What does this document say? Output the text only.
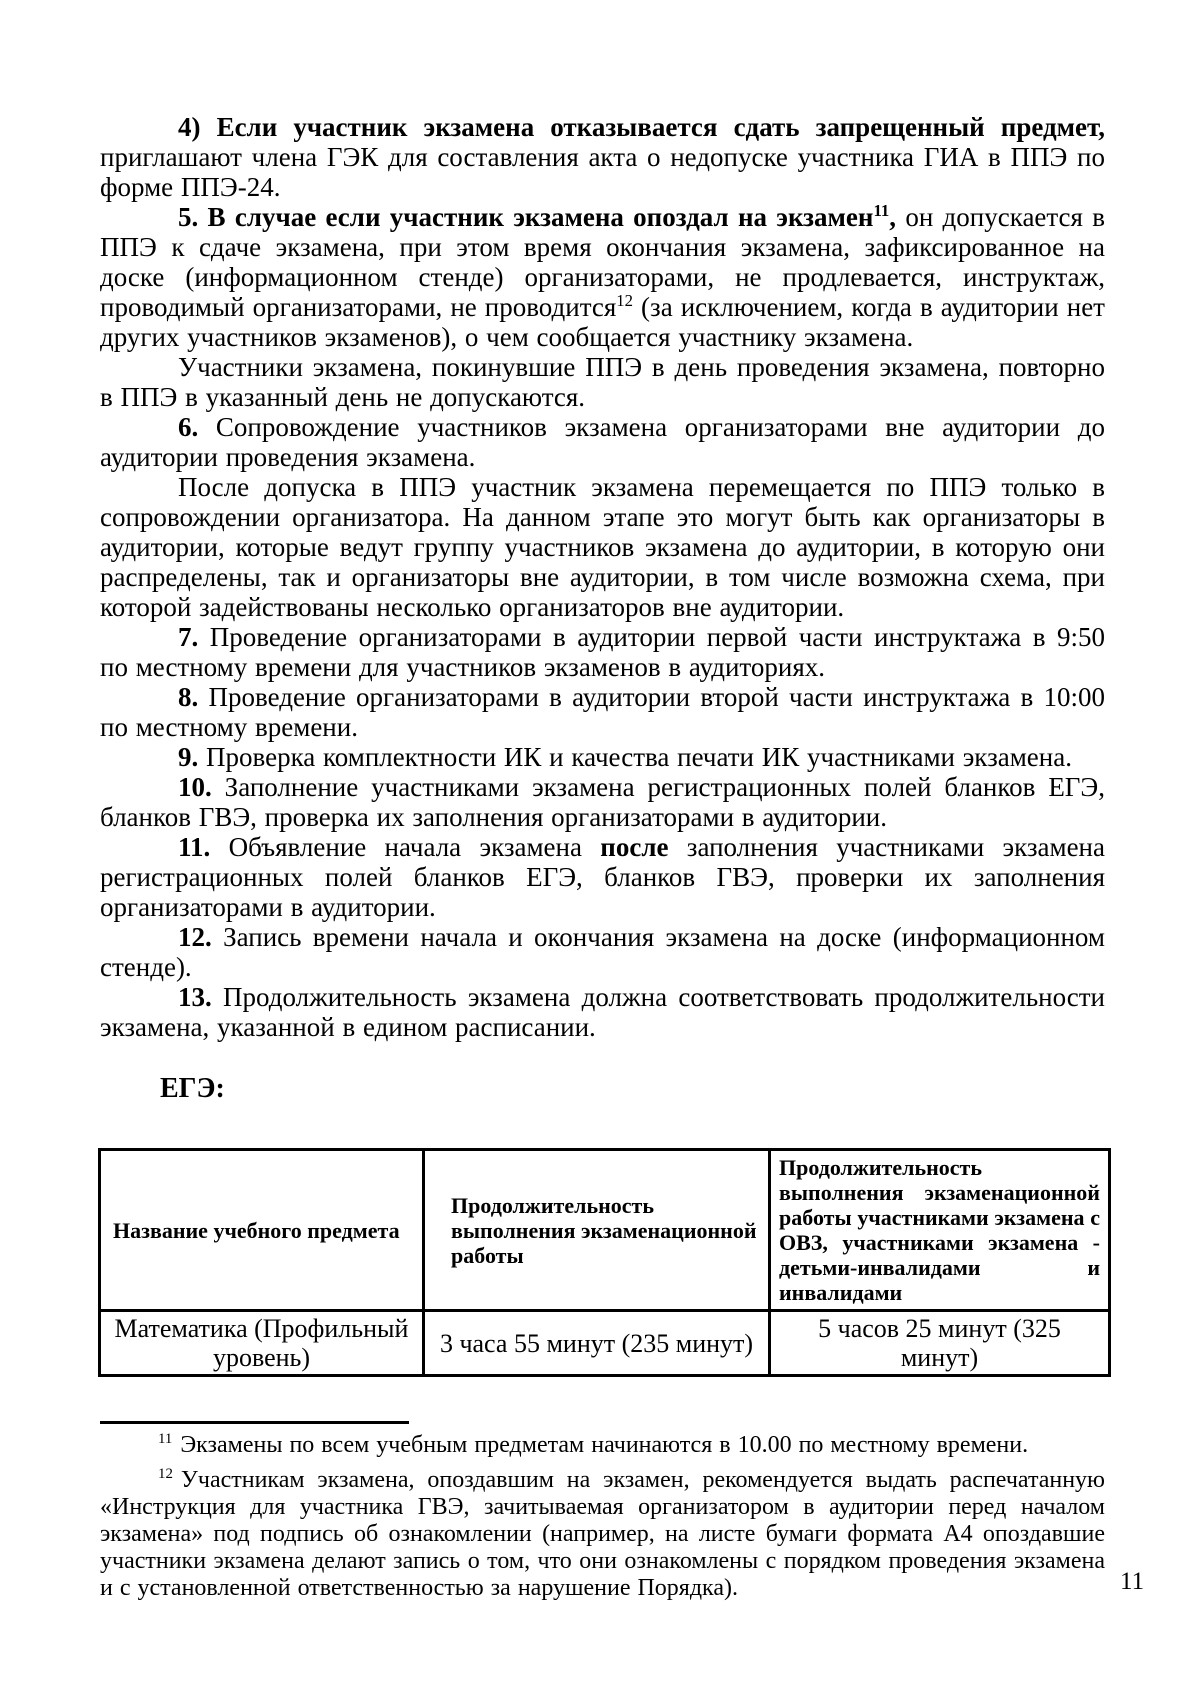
4) Если участник экзамена отказывается сдать запрещенный предмет, приглашают члена ГЭК для составления акта о недопуске участника ГИА в ППЭ по форме ППЭ-24.

5. В случае если участник экзамена опоздал на экзамен$^{11}$, он допускается в ППЭ к сдаче экзамена, при этом время окончания экзамена, зафиксированное на доске (информационном стенде) организаторами, не продлевается, инструктаж, проводимый организаторами, не проводится$^{12}$ (за исключением, когда в аудитории нет других участников экзаменов), о чем сообщается участнику экзамена.

Участники экзамена, покинувшие ППЭ в день проведения экзамена, повторно в ППЭ в указанный день не допускаются.

6. Сопровождение участников экзамена организаторами вне аудитории до аудитории проведения экзамена.

После допуска в ППЭ участник экзамена перемещается по ППЭ только в сопровождении организатора. На данном этапе это могут быть как организаторы в аудитории, которые ведут группу участников экзамена до аудитории, в которую они распределены, так и организаторы вне аудитории, в том числе возможна схема, при которой задействованы несколько организаторов вне аудитории.

7. Проведение организаторами в аудитории первой части инструктажа в 9:50 по местному времени для участников экзаменов в аудиториях.

8. Проведение организаторами в аудитории второй части инструктажа в 10:00 по местному времени.

9. Проверка комплектности ИК и качества печати ИК участниками экзамена.

10. Заполнение участниками экзамена регистрационных полей бланков ЕГЭ, бланков ГВЭ, проверка их заполнения организаторами в аудитории.

11. Объявление начала экзамена после заполнения участниками экзамена регистрационных полей бланков ЕГЭ, бланков ГВЭ, проверки их заполнения организаторами в аудитории.

12. Запись времени начала и окончания экзамена на доске (информационном стенде).

13. Продолжительность экзамена должна соответствовать продолжительности экзамена, указанной в едином расписании.

ЕГЭ:

Название учебного предмета	Продолжительность выполнения экзаменационной работы	Продолжительность выполнения экзаменационной работы участниками экзамена с ОВЗ, участниками экзамена - детьми-инвалидами и инвалидами
Математика (Профильный уровень)	3 часа 55 минут (235 минут)	5 часов 25 минут (325 минут)

$^{11}$ Экзамены по всем учебным предметам начинаются в 10.00 по местному времени.

$^{12}$ Участникам экзамена, опоздавшим на экзамен, рекомендуется выдать распечатанную «Инструкция для участника ГВЭ, зачитываемая организатором в аудитории перед началом экзамена» под подпись об ознакомлении (например, на листе бумаги формата А4 опоздавшие участники экзамена делают запись о том, что они ознакомлены с порядком проведения экзамена и с установленной ответственностью за нарушение Порядка).	11
